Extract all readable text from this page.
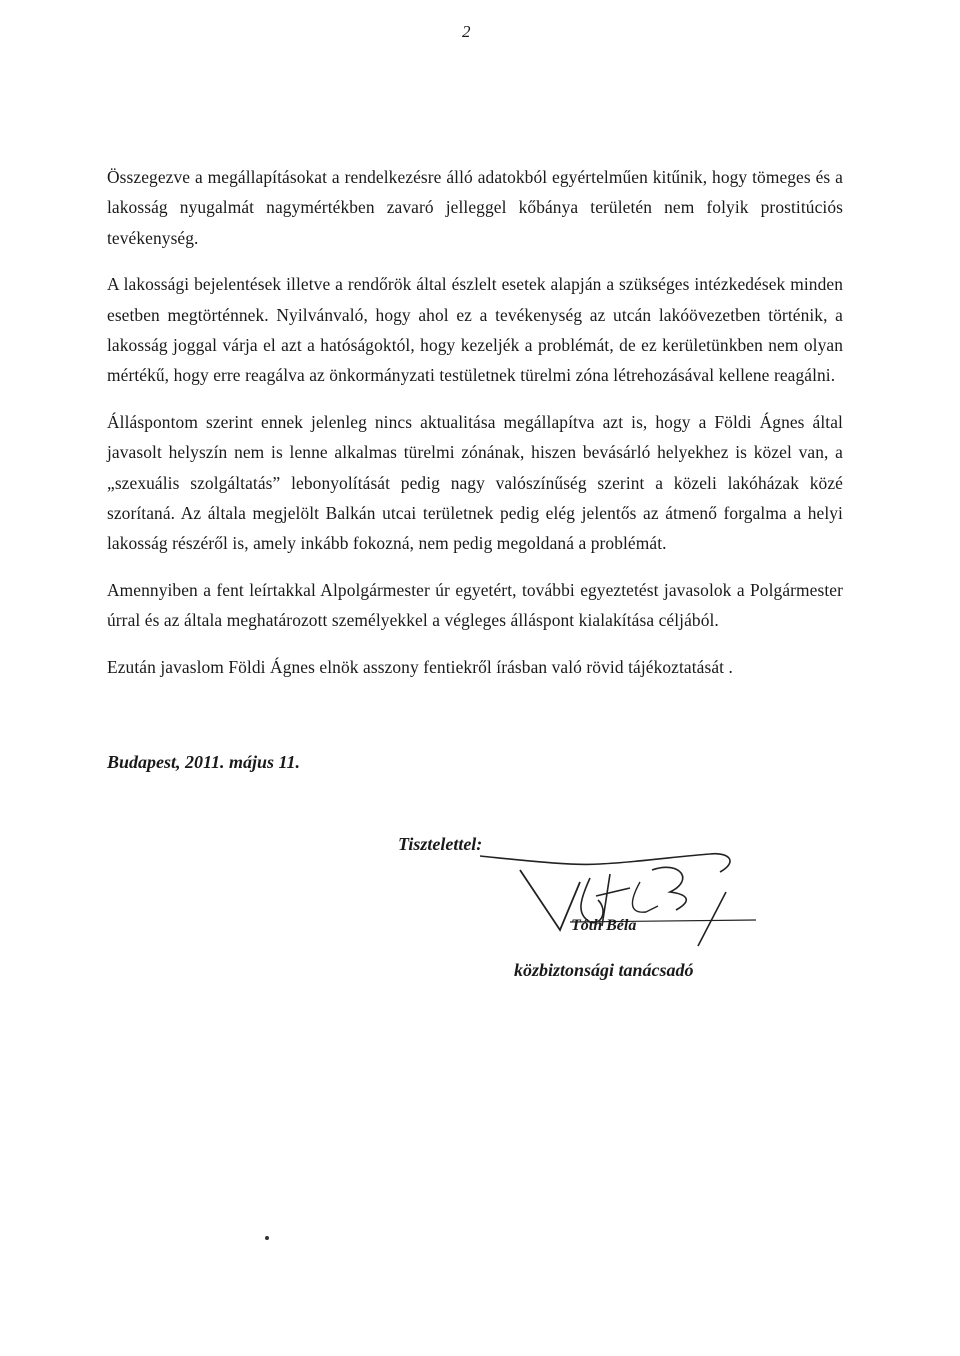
2

Összegezve a megállapításokat a rendelkezésre álló adatokból egyértelműen kitűnik, hogy tömeges és a lakosság nyugalmát nagymértékben zavaró jelleggel kőbánya területén nem folyik prostitúciós tevékenység.

A lakossági bejelentések illetve a rendőrök által észlelt esetek alapján a szükséges intézkedések minden esetben megtörténnek. Nyilvánvaló, hogy ahol ez a tevékenység az utcán lakóövezetben történik, a lakosság joggal várja el azt a hatóságoktól, hogy kezeljék a problémát, de ez kerületünkben nem olyan mértékű, hogy erre reagálva az önkormányzati testületnek türelmi zóna létrehozásával kellene reagálni.

Álláspontom szerint ennek jelenleg nincs aktualitása megállapítva azt is, hogy a Földi Ágnes által javasolt helyszín nem is lenne alkalmas türelmi zónának, hiszen bevásárló helyekhez is közel van, a „szexuális szolgáltatás” lebonyolítását pedig nagy valószínűség szerint a közeli lakóházak közé szorítaná. Az általa megjelölt Balkán utcai területnek pedig elég jelentős az átmenő forgalma a helyi lakosság részéről is, amely inkább fokozná, nem pedig megoldaná a problémát.

Amennyiben a fent leírtakkal Alpolgármester úr egyetért, további egyeztetést javasolok a Polgármester úrral és az általa meghatározott személyekkel a végleges álláspont kialakítása céljából.

Ezután javaslom Földi Ágnes elnök asszony fentiekről írásban való rövid tájékoztatását .

Budapest, 2011. május 11.
Tisztelettel:
Tóth Béla
közbiztonsági tanácsadó
